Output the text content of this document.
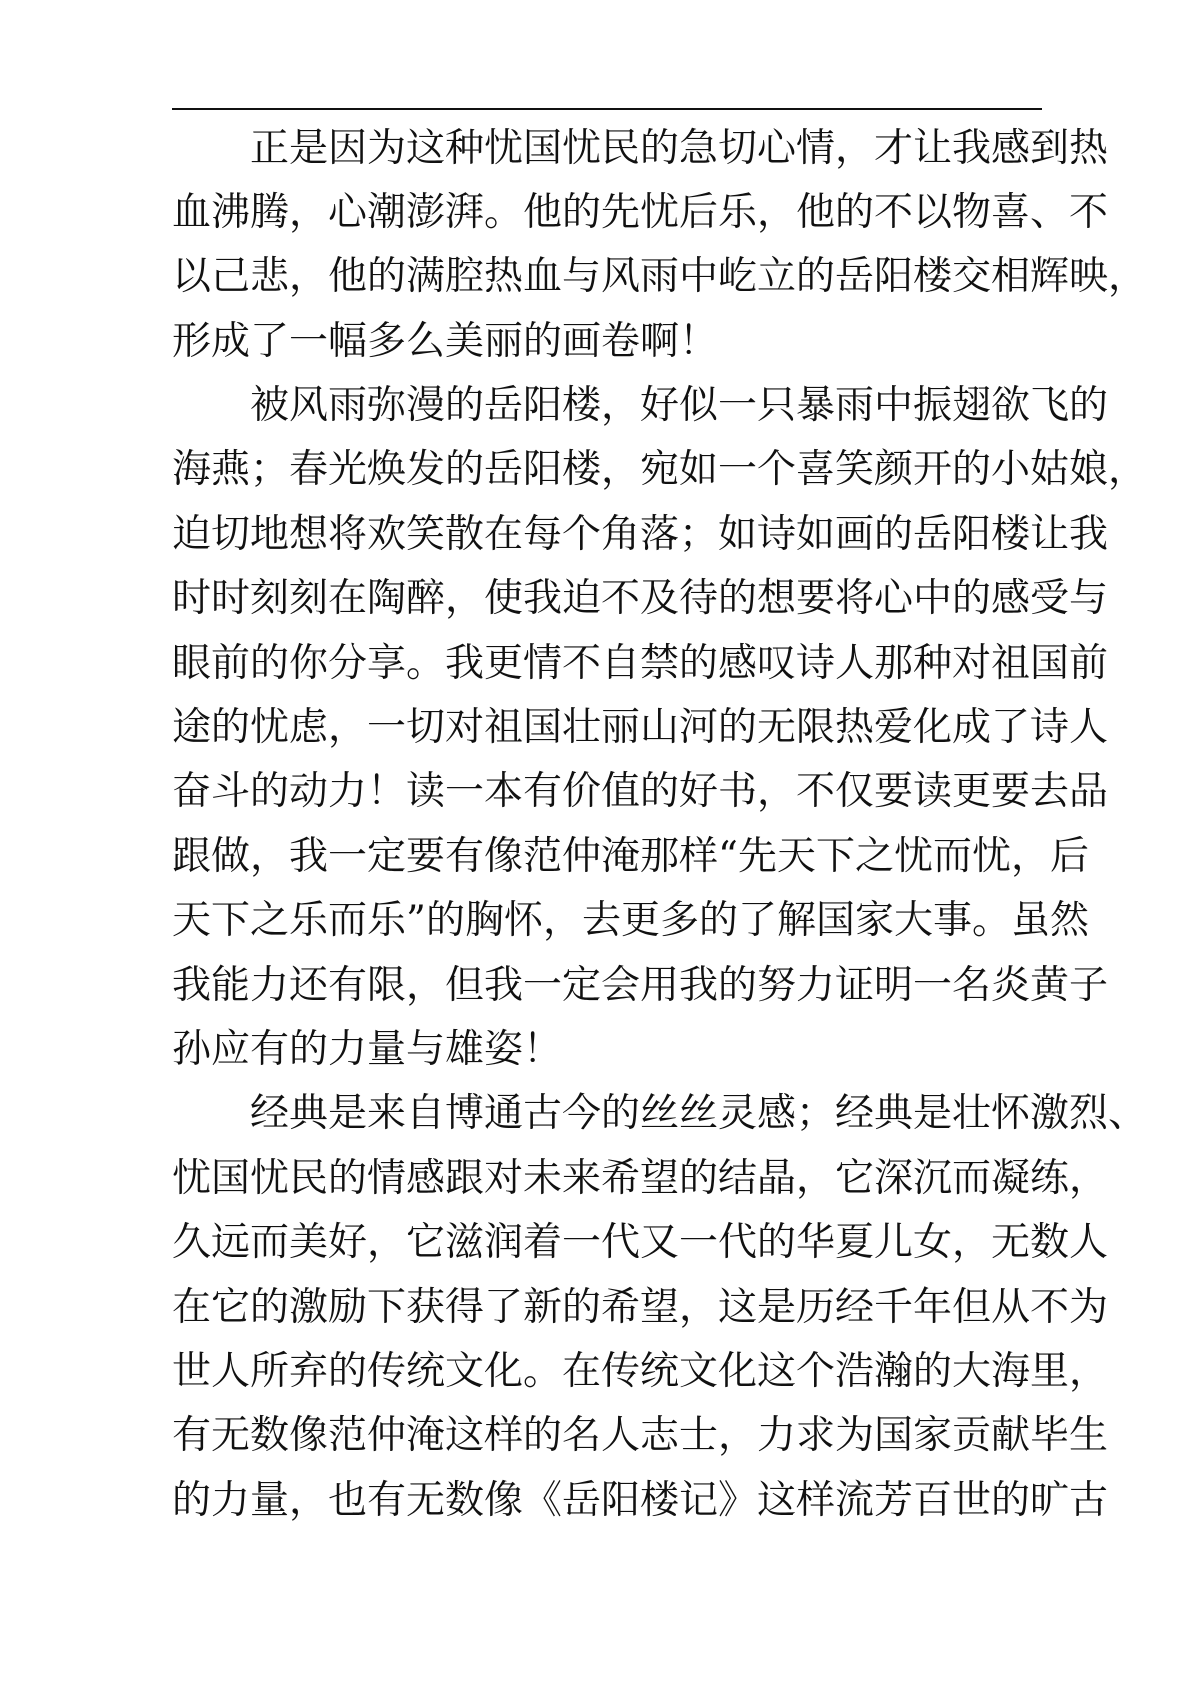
正是因为这种忧国忧民的急切心情，才让我感到热
血沸腾，心潮澎湃。他的先忧后乐，他的不以物喜、不
以己悲，他的满腔热血与风雨中屹立的岳阳楼交相辉映，
形成了一幅多么美丽的画卷啊！
被风雨弥漫的岳阳楼，好似一只暴雨中振翅欲飞的
海燕；春光焕发的岳阳楼，宛如一个喜笑颜开的小姑娘，
迫切地想将欢笑散在每个角落；如诗如画的岳阳楼让我
时时刻刻在陶醉，使我迫不及待的想要将心中的感受与
眼前的你分享。我更情不自禁的感叹诗人那种对祖国前
途的忧虑，一切对祖国壮丽山河的无限热爱化成了诗人
奋斗的动力！读一本有价值的好书，不仅要读更要去品
跟做，我一定要有像范仲淹那样“先天下之忧而忧，后
天下之乐而乐”的胸怀，去更多的了解国家大事。虽然
我能力还有限，但我一定会用我的努力证明一名炎黄子
孙应有的力量与雄姿！
经典是来自博通古今的丝丝灵感；经典是壮怀激烈、
忧国忧民的情感跟对未来希望的结晶，它深沉而凝练，
久远而美好，它滋润着一代又一代的华夏儿女，无数人
在它的激励下获得了新的希望，这是历经千年但从不为
世人所弃的传统文化。在传统文化这个浩瀚的大海里，
有无数像范仲淹这样的名人志士，力求为国家贡献毕生
的力量，也有无数像《岳阳楼记》这样流芳百世的旷古
